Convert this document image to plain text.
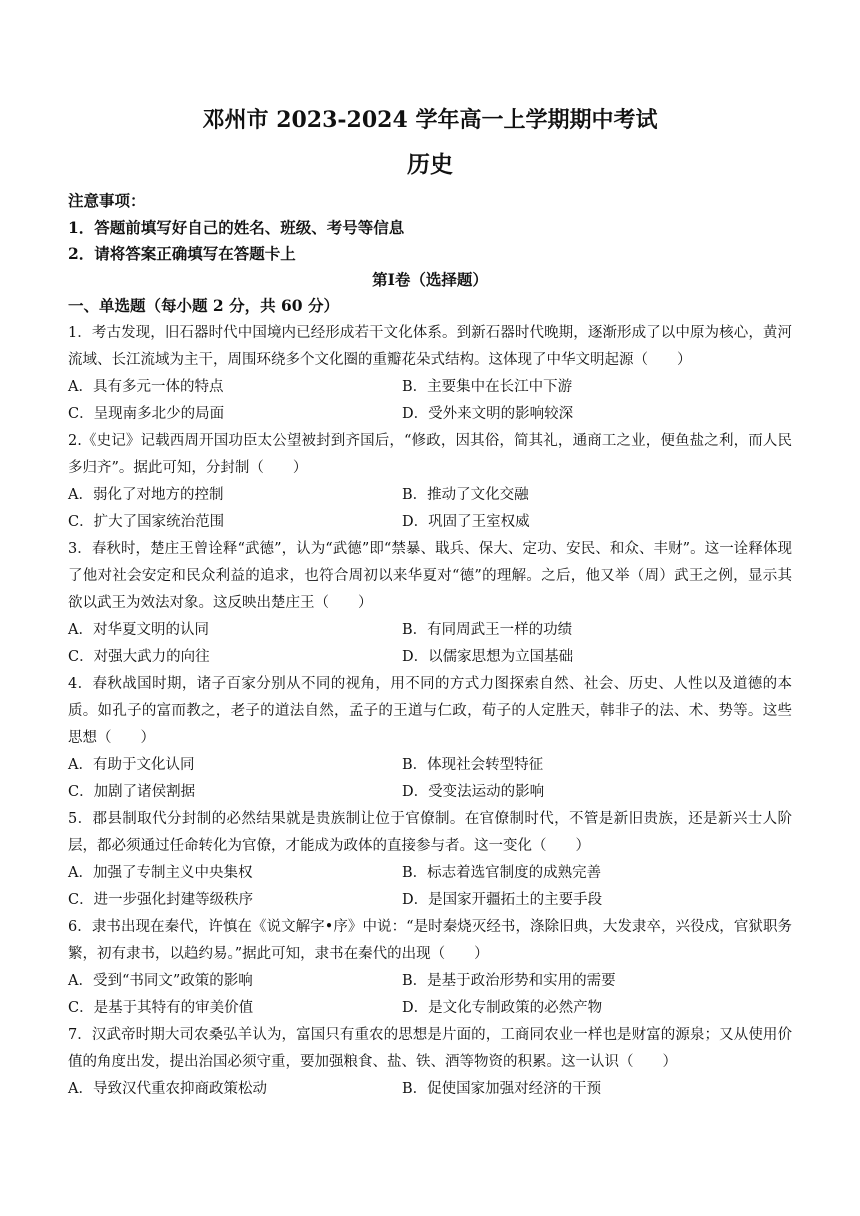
邓州市 2023-2024 学年高一上学期期中考试
历史
注意事项：
1．答题前填写好自己的姓名、班级、考号等信息
2．请将答案正确填写在答题卡上
第Ⅰ卷（选择题）
一、单选题（每小题 2 分，共 60 分）

1．考古发现，旧石器时代中国境内已经形成若干文化体系。到新石器时代晚期，逐渐形成了以中原为核心，黄河流域、长江流域为主干，周围环绕多个文化圈的重瓣花朵式结构。这体现了中华文明起源（　　）

A．具有多元一体的特点	B．主要集中在长江中下游
C．呈现南多北少的局面	D．受外来文明的影响较深

2.《史记》记载西周开国功臣太公望被封到齐国后，“修政，因其俗，简其礼，通商工之业，便鱼盐之利，而人民多归齐”。据此可知，分封制（　　）

A．弱化了对地方的控制	B．推动了文化交融
C．扩大了国家统治范围	D．巩固了王室权威

3．春秋时，楚庄王曾诠释“武德”，认为“武德”即“禁暴、戢兵、保大、定功、安民、和众、丰财”。这一诠释体现了他对社会安定和民众利益的追求，也符合周初以来华夏对“德”的理解。之后，他又举（周）武王之例，显示其欲以武王为效法对象。这反映出楚庄王（　　）

A．对华夏文明的认同	B．有同周武王一样的功绩
C．对强大武力的向往	D．以儒家思想为立国基础

4．春秋战国时期，诸子百家分别从不同的视角，用不同的方式力图探索自然、社会、历史、人性以及道德的本质。如孔子的富而教之，老子的道法自然，孟子的王道与仁政，荀子的人定胜天，韩非子的法、术、势等。这些思想（　　）

A．有助于文化认同	B．体现社会转型特征
C．加剧了诸侯割据	D．受变法运动的影响

5．郡县制取代分封制的必然结果就是贵族制让位于官僚制。在官僚制时代，不管是新旧贵族，还是新兴士人阶层，都必须通过任命转化为官僚，才能成为政体的直接参与者。这一变化（　　）

A．加强了专制主义中央集权	B．标志着选官制度的成熟完善
C．进一步强化封建等级秩序	D．是国家开疆拓土的主要手段

6．隶书出现在秦代，许慎在《说文解字•序》中说：“是时秦烧灭经书，涤除旧典，大发隶卒，兴役戍，官狱职务繁，初有隶书，以趋约易。”据此可知，隶书在秦代的出现（　　）

A．受到“书同文”政策的影响	B．是基于政治形势和实用的需要
C．是基于其特有的审美价值	D．是文化专制政策的必然产物

7．汉武帝时期大司农桑弘羊认为，富国只有重农的思想是片面的，工商同农业一样也是财富的源泉；又从使用价值的角度出发，提出治国必须守重，要加强粮食、盐、铁、酒等物资的积累。这一认识（　　）

A．导致汉代重农抑商政策松动	B．促使国家加强对经济的干预
